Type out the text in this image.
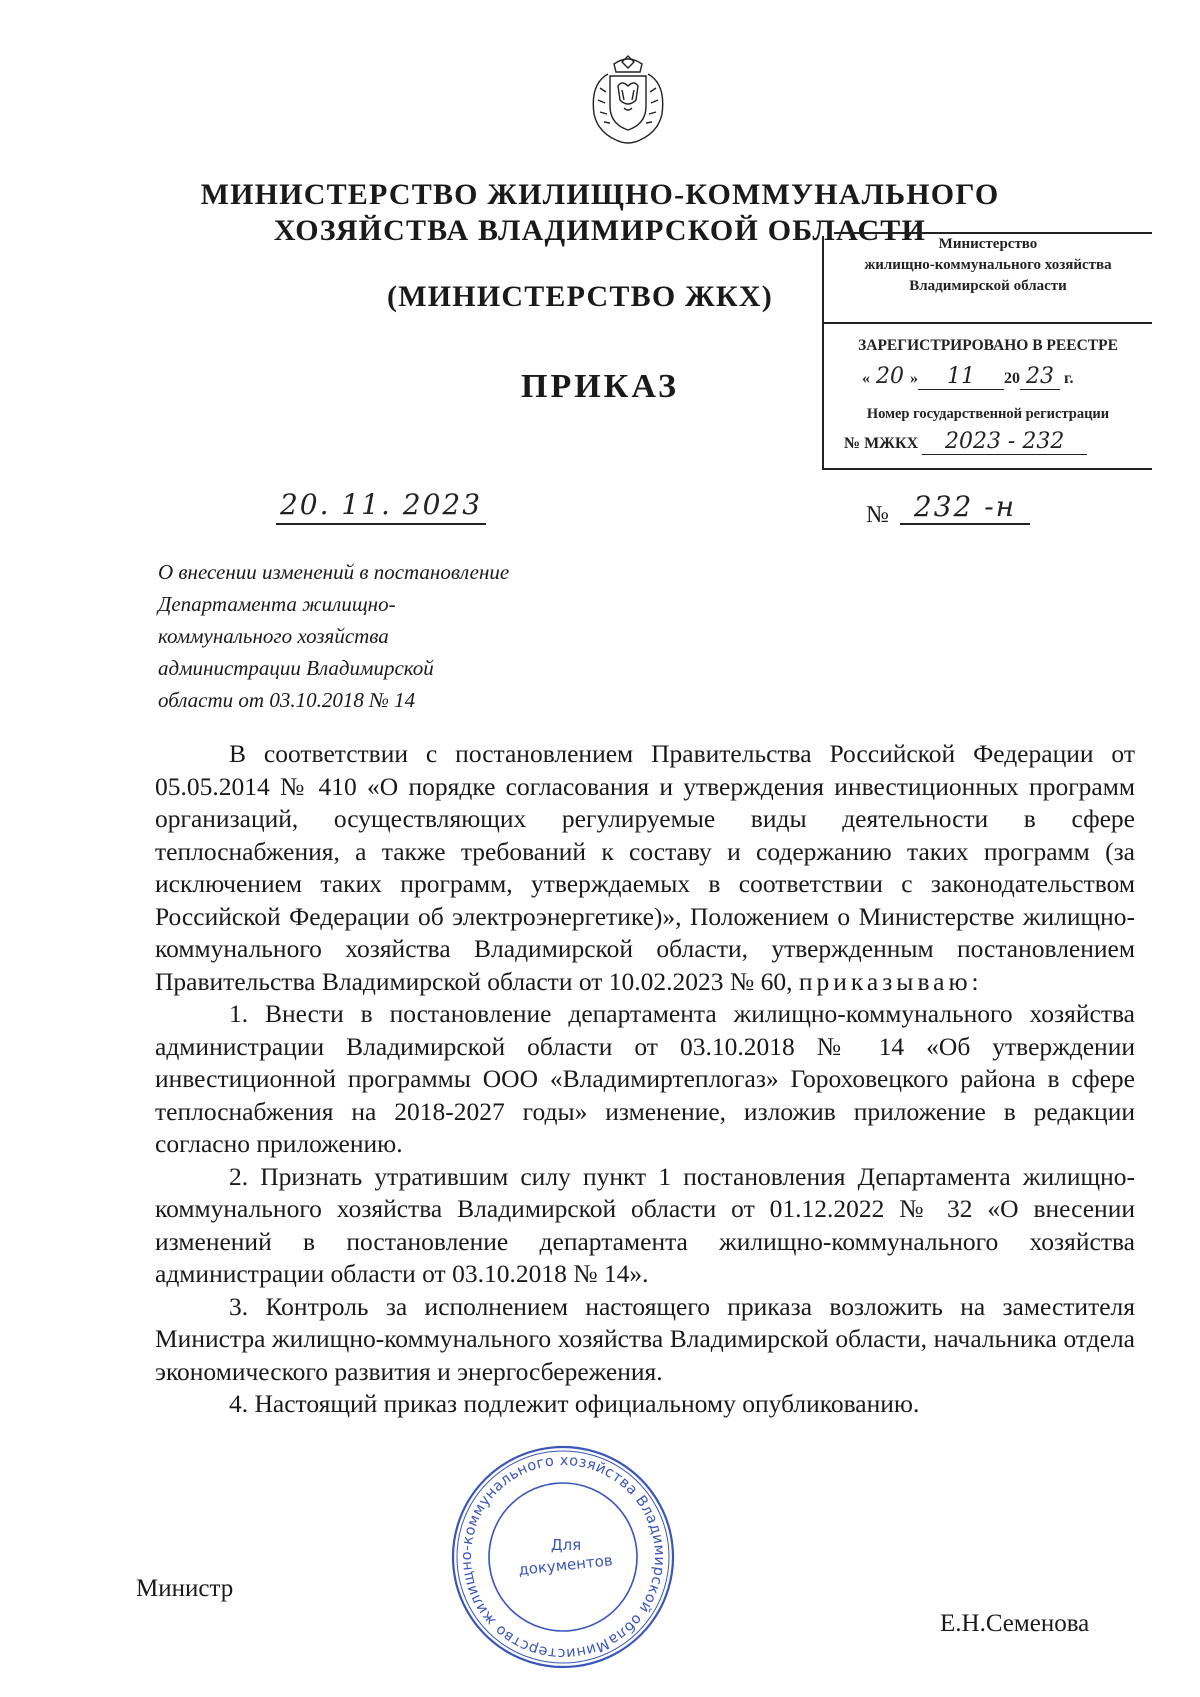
МИНИСТЕРСТВО ЖИЛИЩНО-КОММУНАЛЬНОГО
ХОЗЯЙСТВА ВЛАДИМИРСКОЙ ОБЛАСТИ
(МИНИСТЕРСТВО ЖКХ)
ПРИКАЗ
Министерство
жилищно-коммунального хозяйства
Владимирской области
ЗАРЕГИСТРИРОВАНО В РЕЕСТРЕ
« 20 » 11 20 23 г.
Номер государственной регистрации
№ МЖКХ 2023 - 232
20. 11. 2023	№ 232 -н
О внесении изменений в постановление
Департамента жилищно-
коммунального хозяйства
администрации Владимирской
области от 03.10.2018 № 14

В соответствии с постановлением Правительства Российской Федерации от 05.05.2014 № 410 «О порядке согласования и утверждения инвестиционных программ организаций, осуществляющих регулируемые виды деятельности в сфере теплоснабжения, а также требований к составу и содержанию таких программ (за исключением таких программ, утверждаемых в соответствии с законодательством Российской Федерации об электроэнергетике)», Положением о Министерстве жилищно-коммунального хозяйства Владимирской области, утвержденным постановлением Правительства Владимирской области от 10.02.2023 № 60, приказываю:

1. Внести в постановление департамента жилищно-коммунального хозяйства администрации Владимирской области от 03.10.2018 № 14 «Об утверждении инвестиционной программы ООО «Владимиртеплогаз» Гороховецкого района в сфере теплоснабжения на 2018-2027 годы» изменение, изложив приложение в редакции согласно приложению.

2. Признать утратившим силу пункт 1 постановления Департамента жилищно-коммунального хозяйства Владимирской области от 01.12.2022 № 32 «О внесении изменений в постановление департамента жилищно-коммунального хозяйства администрации области от 03.10.2018 № 14».

3. Контроль за исполнением настоящего приказа возложить на заместителя Министра жилищно-коммунального хозяйства Владимирской области, начальника отдела экономического развития и энергосбережения.

4. Настоящий приказ подлежит официальному опубликованию.

Министр
Е.Н.Семенова
Министерство жилищно-коммунального хозяйства Владимирской области
Для
документов
